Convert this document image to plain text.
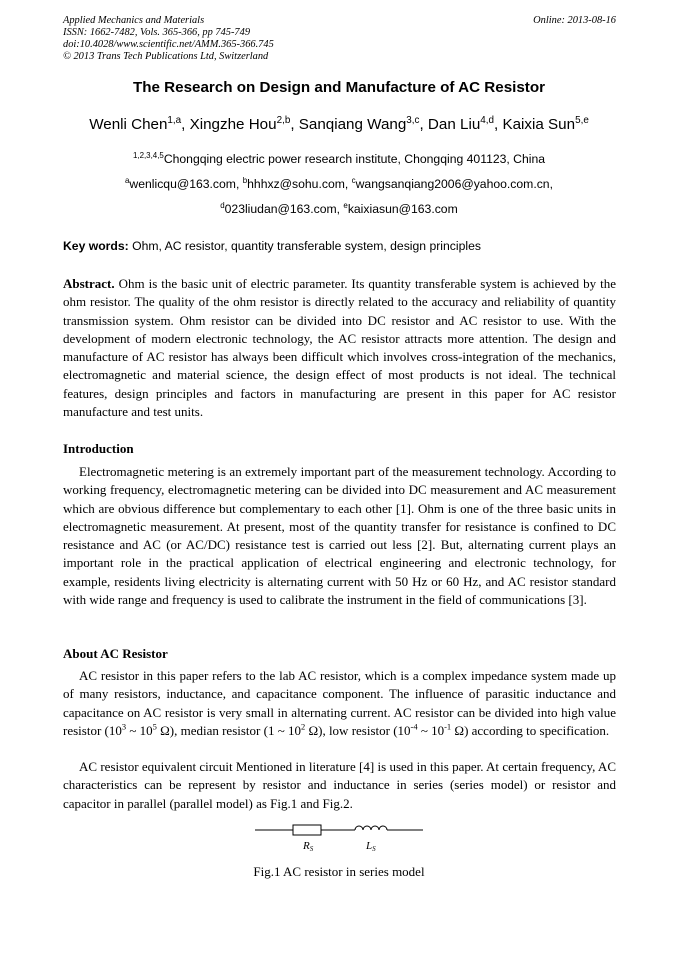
Applied Mechanics and Materials
ISSN: 1662-7482, Vols. 365-366, pp 745-749
doi:10.4028/www.scientific.net/AMM.365-366.745
© 2013 Trans Tech Publications Ltd, Switzerland
Online: 2013-08-16
The Research on Design and Manufacture of AC Resistor
Wenli Chen$^{1,a}$, Xingzhe Hou$^{2,b}$, Sanqiang Wang$^{3,c}$, Dan Liu$^{4,d}$, Kaixia Sun$^{5,e}$
$^{1,2,3,4,5}$Chongqing electric power research institute, Chongqing 401123, China
$^a$wenlicqu@163.com, $^b$hhhxz@sohu.com, $^c$wangsanqiang2006@yahoo.com.cn,
$^d$023liudan@163.com, $^e$kaixiasun@163.com
Key words: Ohm, AC resistor, quantity transferable system, design principles
Abstract. Ohm is the basic unit of electric parameter. Its quantity transferable system is achieved by the ohm resistor. The quality of the ohm resistor is directly related to the accuracy and reliability of quantity transmission system. Ohm resistor can be divided into DC resistor and AC resistor to use. With the development of modern electronic technology, the AC resistor attracts more attention. The design and manufacture of AC resistor has always been difficult which involves cross-integration of the mechanics, electromagnetic and material science, the design effect of most products is not ideal. The technical features, design principles and factors in manufacturing are present in this paper for AC resistor manufacture and test units.
Introduction
Electromagnetic metering is an extremely important part of the measurement technology. According to working frequency, electromagnetic metering can be divided into DC measurement and AC measurement which are obvious difference but complementary to each other [1]. Ohm is one of the three basic units in electromagnetic measurement. At present, most of the quantity transfer for resistance is confined to DC resistance and AC (or AC/DC) resistance test is carried out less [2]. But, alternating current plays an important role in the practical application of electrical engineering and electronic technology, for example, residents living electricity is alternating current with 50 Hz or 60 Hz, and AC resistor standard with wide range and frequency is used to calibrate the instrument in the field of communications [3].
About AC Resistor
AC resistor in this paper refers to the lab AC resistor, which is a complex impedance system made up of many resistors, inductance, and capacitance component. The influence of parasitic inductance and capacitance on AC resistor is very small in alternating current. AC resistor can be divided into high value resistor ($10^3$ ~ $10^5$ Ω), median resistor (1 ~ $10^2$ Ω), low resistor ($10^{-4}$ ~ $10^{-1}$ Ω) according to specification.
AC resistor equivalent circuit Mentioned in literature [4] is used in this paper. At certain frequency, AC characteristics can be represent by resistor and inductance in series (series model) or resistor and capacitor in parallel (parallel model) as Fig.1 and Fig.2.
RS	LS
Fig.1 AC resistor in series model
